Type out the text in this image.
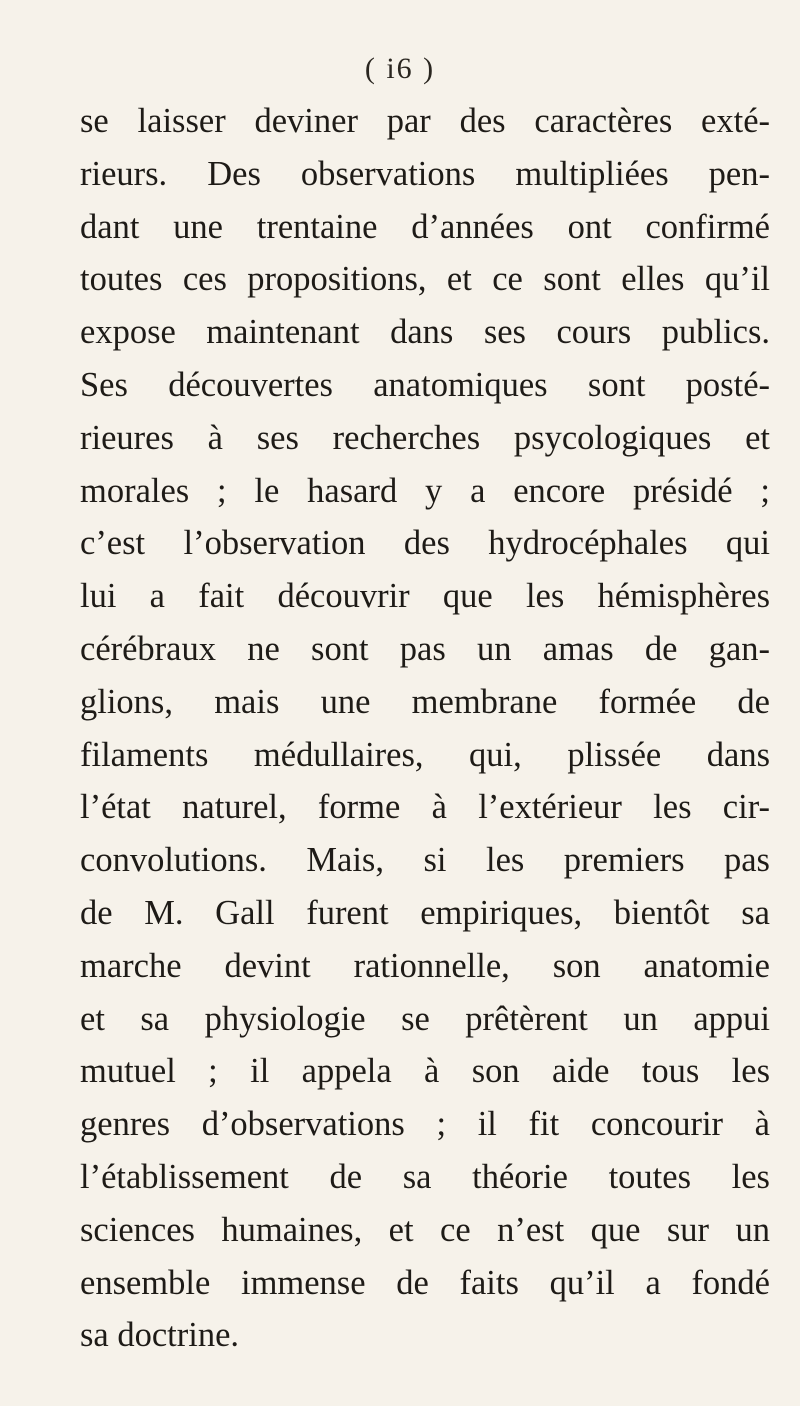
( i6 )
se laisser deviner par des caractères exté-
rieurs. Des observations multipliées pen-
dant une trentaine d’années ont confirmé
toutes ces propositions, et ce sont elles qu’il
expose maintenant dans ses cours publics.
Ses découvertes anatomiques sont posté-
rieures à ses recherches psycologiques et
morales ; le hasard y a encore présidé ;
c’est l’observation des hydrocéphales qui
lui a fait découvrir que les hémisphères
cérébraux ne sont pas un amas de gan-
glions, mais une membrane formée de
filaments médullaires, qui, plissée dans
l’état naturel, forme à l’extérieur les cir-
convolutions. Mais, si les premiers pas
de M. Gall furent empiriques, bientôt sa
marche devint rationnelle, son anatomie
et sa physiologie se prêtèrent un appui
mutuel ; il appela à son aide tous les
genres d’observations ; il fit concourir à
l’établissement de sa théorie toutes les
sciences humaines, et ce n’est que sur un
ensemble immense de faits qu’il a fondé
sa doctrine.
